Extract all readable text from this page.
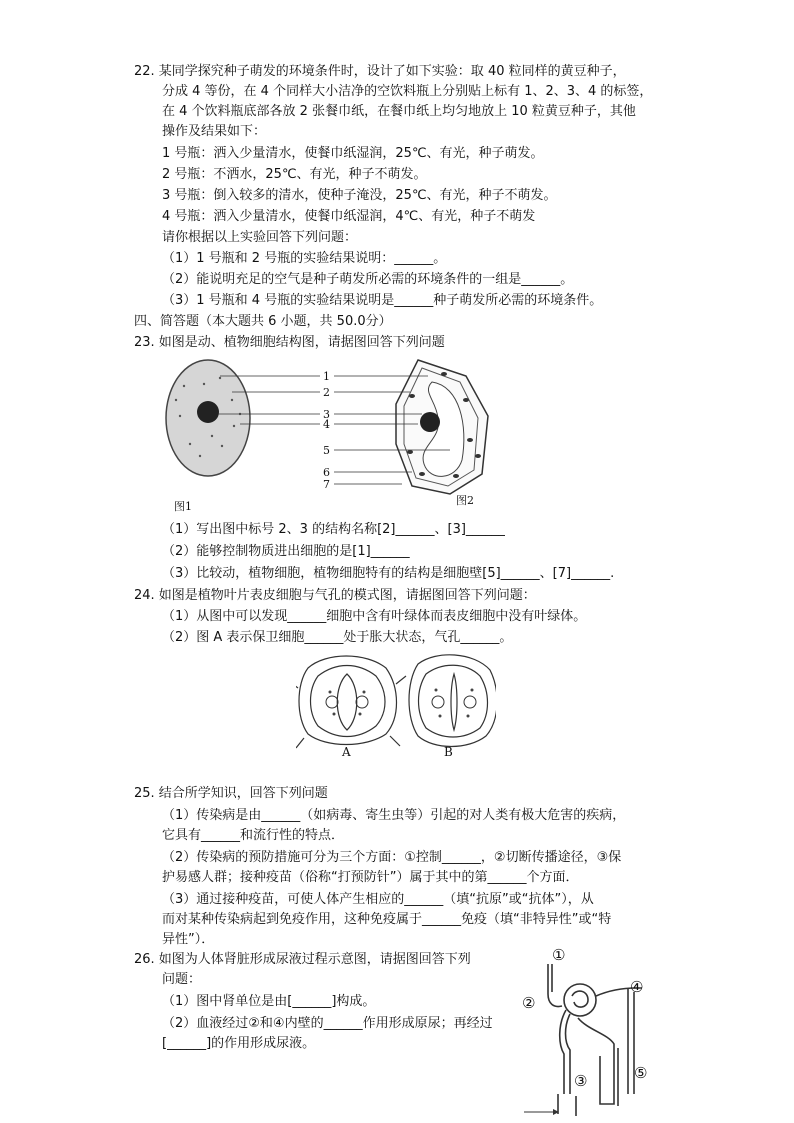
22. 某同学探究种子萌发的环境条件时，设计了如下实验：取 40 粒同样的黄豆种子，
分成 4 等份，在 4 个同样大小洁净的空饮料瓶上分别贴上标有 1、2、3、4 的标签，
在 4 个饮料瓶底部各放 2 张餐巾纸，在餐巾纸上均匀地放上 10 粒黄豆种子，其他
操作及结果如下：
1 号瓶：洒入少量清水，使餐巾纸湿润，25℃、有光，种子萌发。
2 号瓶：不洒水，25℃、有光，种子不萌发。
3 号瓶：倒入较多的清水，使种子淹没，25℃、有光，种子不萌发。
4 号瓶：洒入少量清水，使餐巾纸湿润，4℃、有光，种子不萌发
请你根据以上实验回答下列问题：
（1）1 号瓶和 2 号瓶的实验结果说明：______。
（2）能说明充足的空气是种子萌发所必需的环境条件的一组是______。
（3）1 号瓶和 4 号瓶的实验结果说明是______种子萌发所必需的环境条件。
四、简答题（本大题共 6 小题，共 50.0分）
23. 如图是动、植物细胞结构图，请据图回答下列问题
1
2
3
4
5
6
7
图1	图2
（1）写出图中标号 2、3 的结构名称[2]______、[3]______
（2）能够控制物质进出细胞的是[1]______
（3）比较动，植物细胞，植物细胞特有的结构是细胞壁[5]______、[7]______.
24. 如图是植物叶片表皮细胞与气孔的模式图，请据图回答下列问题：
（1）从图中可以发现______细胞中含有叶绿体而表皮细胞中没有叶绿体。
（2）图 A 表示保卫细胞______处于胀大状态，气孔______。
A	B
25. 结合所学知识，回答下列问题
（1）传染病是由______（如病毒、寄生虫等）引起的对人类有极大危害的疾病，
它具有______和流行性的特点．
（2）传染病的预防措施可分为三个方面：①控制______，②切断传播途径，③保
护易感人群；接种疫苗（俗称“打预防针”）属于其中的第______个方面．
（3）通过接种疫苗，可使人体产生相应的______（填“抗原”或“抗体”），从
而对某种传染病起到免疫作用，这种免疫属于______免疫（填“非特异性”或“特
异性”）．
26. 如图为人体肾脏形成尿液过程示意图，请据图回答下列
问题：
（1）图中肾单位是由[______]构成。
（2）血液经过②和④内壁的______作用形成原尿；再经过
[______]的作用形成尿液。
①
②
③
④
⑤
